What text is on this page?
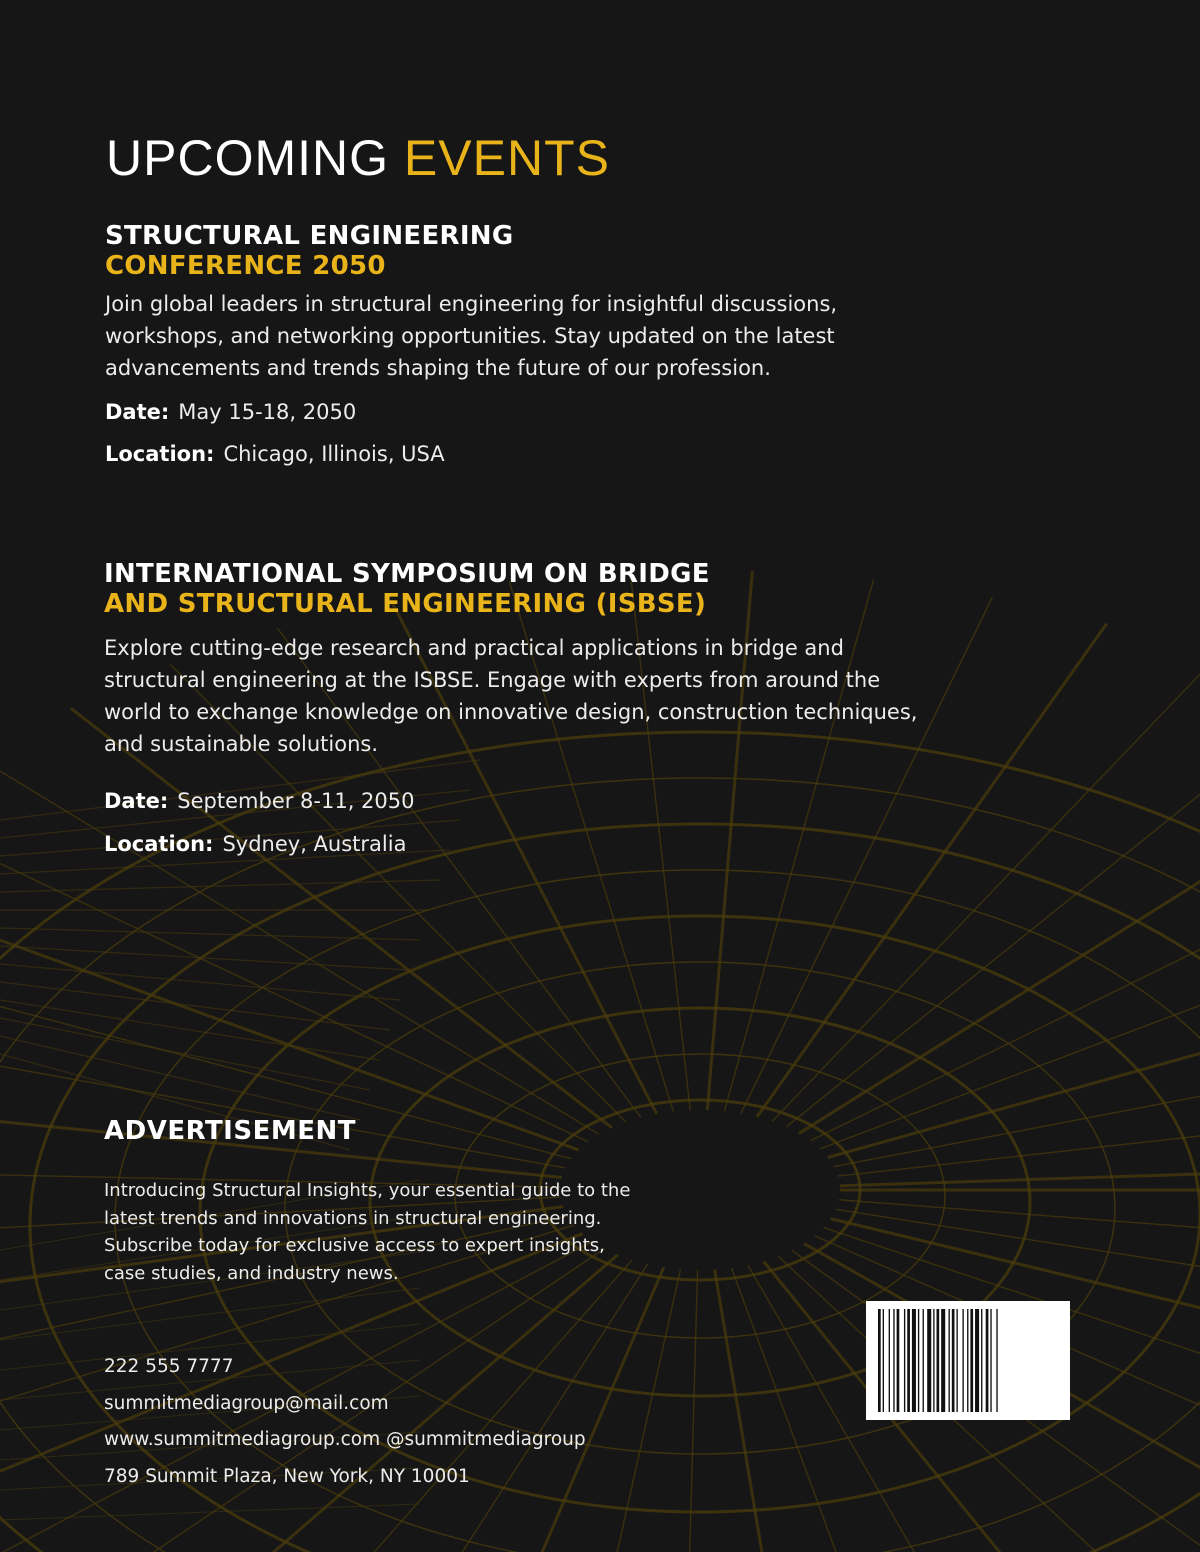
UPCOMING EVENTS
STRUCTURAL ENGINEERING
CONFERENCE 2050

Join global leaders in structural engineering for insightful discussions, workshops, and networking opportunities. Stay updated on the latest advancements and trends shaping the future of our profession.

Date: May 15-18, 2050
Location: Chicago, Illinois, USA
INTERNATIONAL SYMPOSIUM ON BRIDGE
AND STRUCTURAL ENGINEERING (ISBSE)

Explore cutting-edge research and practical applications in bridge and structural engineering at the ISBSE. Engage with experts from around the world to exchange knowledge on innovative design, construction techniques, and sustainable solutions.

Date: September 8-11, 2050
Location: Sydney, Australia
ADVERTISEMENT

Introducing Structural Insights, your essential guide to the latest trends and innovations in structural engineering. Subscribe today for exclusive access to expert insights, case studies, and industry news.

222 555 7777
summitmediagroup@mail.com
www.summitmediagroup.com @summitmediagroup
789 Summit Plaza, New York, NY 10001
